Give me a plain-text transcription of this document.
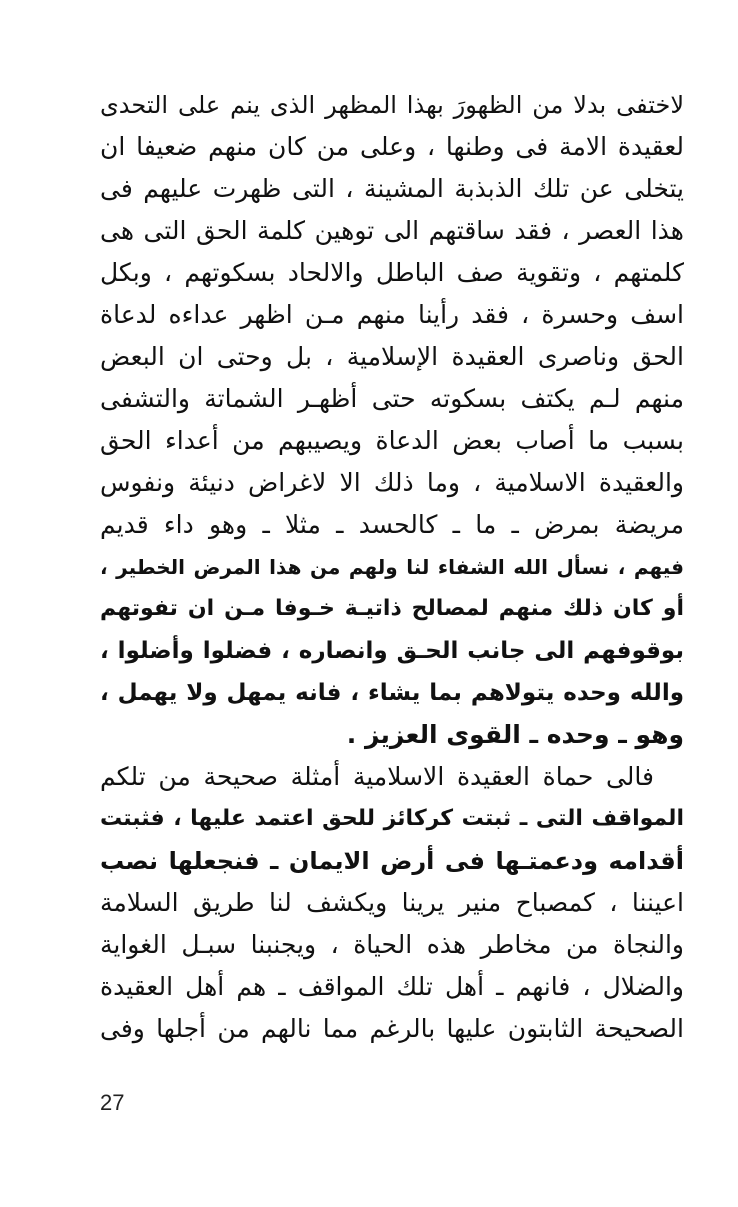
لاختفى بدلا من الظهورَ بهذا المظهر الذى ينم على التحدى
لعقيدة الامة فى وطنها ، وعلى من كان منهم ضعيفا ان
يتخلى عن تلك الذبذبة المشينة ، التى ظهرت عليهم فى
هذا العصر ، فقد ساقتهم الى توهين كلمة الحق التى هى
كلمتهم ، وتقوية صف الباطل والالحاد بسكوتهم ، وبكل
اسف وحسرة ، فقد رأينا منهم مـن اظهر عداءه لدعاة
الحق وناصرى العقيدة الإسلامية ، بل وحتى ان البعض
منهم لـم يكتف بسكوته حتى أظهـر الشماتة والتشفى
بسبب ما أصاب بعض الدعاة ويصيبهم من أعداء الحق
والعقيدة الاسلامية ، وما ذلك الا لاغراض دنيئة ونفوس
مريضة بمرض ـ ما ـ كالحسد ـ مثلا ـ وهو داء قديم
فيهم ، نسأل الله الشفاء لنا ولهم من هذا المرض الخطير ،
أو كان ذلك منهم لمصالح ذاتيـة خـوفا مـن ان تفوتهم
بوقوفهم الى جانب الحـق وانصاره ، فضلوا وأضلوا ،
والله وحده يتولاهم بما يشاء ، فانه يمهل ولا يهمل ،
وهو ـ وحده ـ القوى العزيز .
فالى حماة العقيدة الاسلامية أمثلة صحيحة من تلكم
المواقف التى ـ ثبتت كركائز للحق اعتمد عليها ، فثبتت
أقدامه ودعمتـها فى أرض الايمان ـ فنجعلها نصب
اعيننا ، كمصباح منير يرينا ويكشف لنا طريق السلامة
والنجاة من مخاطر هذه الحياة ، ويجنبنا سبـل الغواية
والضلال ، فانهم ـ أهل تلك المواقف ـ هم أهل العقيدة
الصحيحة الثابتون عليها بالرغم مما نالهم من أجلها وفى
27
